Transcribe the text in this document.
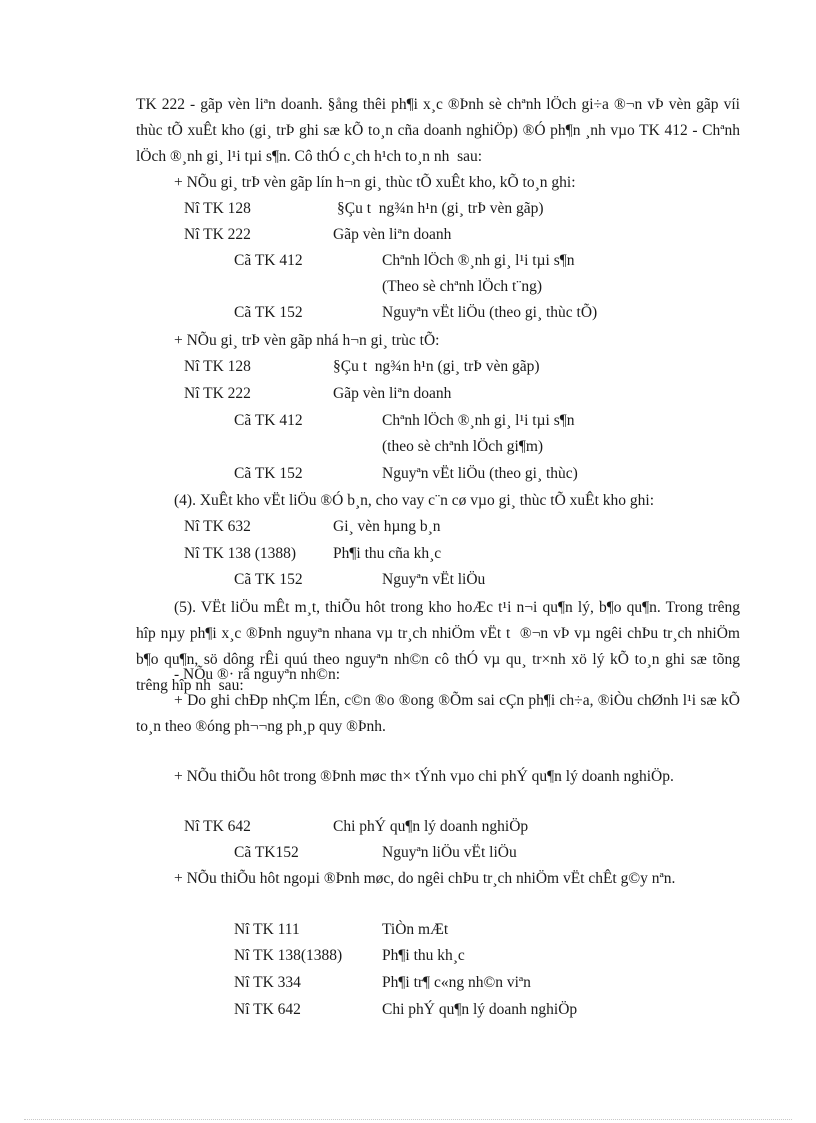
TK 222 - gãp vèn liªn doanh. §ång thêi ph¶i x¸c ®Þnh sè chªnh lÖch gi÷a ®¬n vÞ vèn gãp víi thùc tÕ xuÊt kho (gi¸ trÞ ghi sæ kÕ to¸n cña doanh nghiÖp) ®Ó ph¶n ¸nh vµo TK 412 - Chªnh lÖch ®¸nh gi¸ l¹i tµi s¶n. Cô thÓ c¸ch h¹ch to¸n nh  sau:

+ NÕu gi¸ trÞ vèn gãp lín h¬n gi¸ thùc tÕ xuÊt kho, kÕ to¸n ghi:
Nî TK 128	§Çu t  ng¾n h¹n (gi¸ trÞ vèn gãp)
Nî TK 222	Gãp vèn liªn doanh
Cã TK 412	Chªnh lÖch ®¸nh gi¸ l¹i tµi s¶n
(Theo sè chªnh lÖch t¨ng)
Cã TK 152	Nguyªn vËt liÖu (theo gi¸ thùc tÕ)
+ NÕu gi¸ trÞ vèn gãp nhá h¬n gi¸ trùc tÕ:
Nî TK 128	§Çu t  ng¾n h¹n (gi¸ trÞ vèn gãp)
Nî TK 222	Gãp vèn liªn doanh
Cã TK 412	Chªnh lÖch ®¸nh gi¸ l¹i tµi s¶n
(theo sè chªnh lÖch gi¶m)
Cã TK 152	Nguyªn vËt liÖu (theo gi¸ thùc)
(4). XuÊt kho vËt liÖu ®Ó b¸n, cho vay c¨n cø vµo gi¸ thùc tÕ xuÊt kho ghi:
Nî TK 632	Gi¸ vèn hµng b¸n
Nî TK 138 (1388) Ph¶i thu cña kh¸c
Cã TK 152	Nguyªn vËt liÖu

(5). VËt liÖu mÊt m¸t, thiÕu hôt trong kho hoÆc t¹i n¬i qu¶n lý, b¶o qu¶n. Trong trêng hîp nµy ph¶i x¸c ®Þnh nguyªn nhana vµ tr¸ch nhiÖm vËt t  ®¬n vÞ vµ ngêi chÞu tr¸ch nhiÖm b¶o qu¶n, sö dông rÊi quú theo nguyªn nh©n cô thÓ vµ qu¸ tr×nh xö lý kÕ to¸n ghi sæ tõng trêng hîp nh  sau:

- NÕu ®· râ nguyªn nh©n:

+ Do ghi chÐp nhÇm lÉn, c©n ®o ®ong ®Õm sai cÇn ph¶i ch÷a, ®iÒu chØnh l¹i sæ kÕ to¸n theo ®óng ph¬¬ng ph¸p quy ®Þnh.

+ NÕu thiÕu hôt trong ®Þnh møc th× tÝnh vµo chi phÝ qu¶n lý doanh nghiÖp.

Nî TK 642	Chi phÝ qu¶n lý doanh nghiÖp
Cã TK152	Nguyªn liÖu vËt liÖu

+ NÕu thiÕu hôt ngoµi ®Þnh møc, do ngêi chÞu tr¸ch nhiÖm vËt chÊt g©y nªn.

Nî TK 111	TiÒn mÆt
Nî TK 138(1388)	Ph¶i thu kh¸c
Nî TK 334	Ph¶i tr¶ c«ng nh©n viªn
Nî TK 642	Chi phÝ qu¶n lý doanh nghiÖp
